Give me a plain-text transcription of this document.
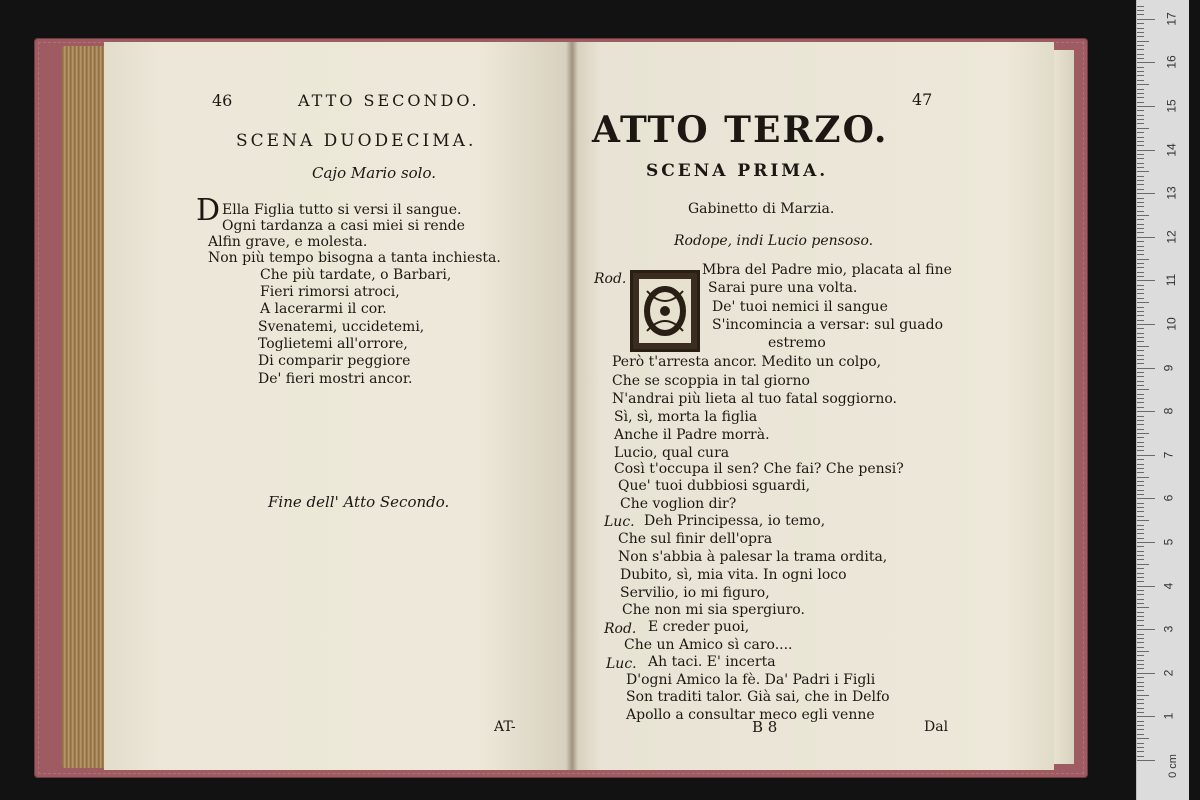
46	ATTO SECONDO.
SCENA DUODECIMA.
Cajo Mario solo.
D Ella Figlia tutto si versi il sangue.
Ogni tardanza a casi miei si rende
Alfin grave, e molesta.
Non più tempo bisogna a tanta inchiesta.
Che più tardate, o Barbari,
Fieri rimorsi atroci,
A lacerarmi il cor.
Svenatemi, uccidetemi,
Toglietemi all'orrore,
Di comparir peggiore
De' fieri mostri ancor.
Fine dell' Atto Secondo.
AT-
47
ATTO TERZO.
SCENA PRIMA.
Gabinetto di Marzia.
Rodope, indi Lucio pensoso.
Rod.
Mbra del Padre mio, placata al fine
Sarai pure una volta.
De' tuoi nemici il sangue
S'incomincia a versar: sul guado
estremo
Però t'arresta ancor. Medito un colpo,
Che se scoppia in tal giorno
N'andrai più lieta al tuo fatal soggiorno.
Sì, sì, morta la figlia
Anche il Padre morrà.
Lucio, qual cura
Così t'occupa il sen? Che fai? Che pensi?
Que' tuoi dubbiosi sguardi,
Che voglion dir?
Luc. Deh Principessa, io temo,
Che sul finir dell'opra
Non s'abbia à palesar la trama ordita,
Dubito, sì, mia vita. In ogni loco
Servilio, io mi figuro,
Che non mi sia spergiuro.
Rod. E creder puoi,
Che un Amico sì caro....
Luc. Ah taci. E' incerta
D'ogni Amico la fè. Da' Padri i Figli
Son traditi talor. Già sai, che in Delfo
Apollo a consultar meco egli venne
B 8	Dal
1
2
3
4
5
6
7
8
9
10
11
12
13
14
15
16
17
0 cm
